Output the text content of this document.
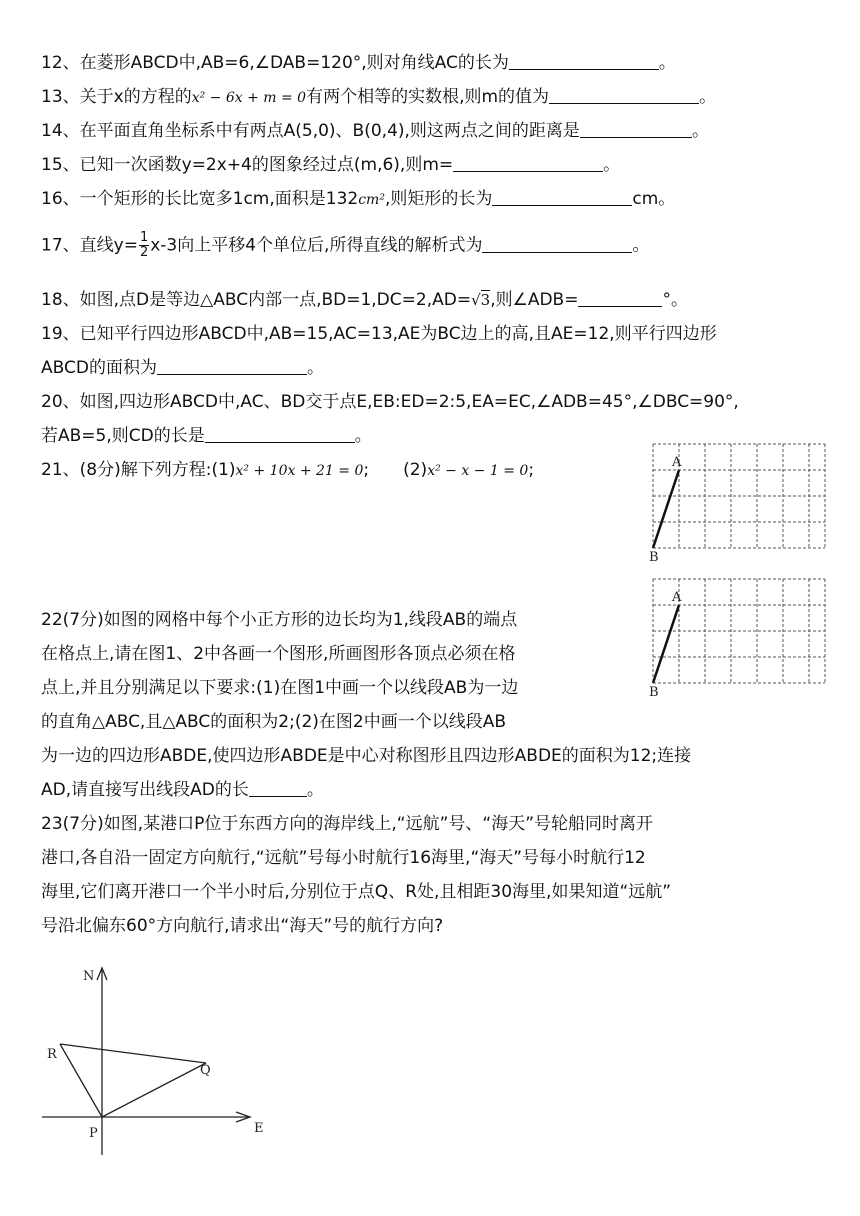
12、在菱形ABCD中,AB=6,∠DAB=120°,则对角线AC的长为	。
13、关于x的方程的x² − 6x + m = 0有两个相等的实数根,则m的值为	。
14、在平面直角坐标系中有两点A(5,0)、B(0,4),则这两点之间的距离是	。
15、已知一次函数y=2x+4的图象经过点(m,6),则m=	。
16、一个矩形的长比宽多1cm,面积是132cm²,则矩形的长为	cm。
17、直线$y= \frac{1}{2} x-3$向上平移4个单位后,所得直线的解析式为	。
18、如图,点D是等边△ABC内部一点,BD=1,DC=2,AD=√3,则∠ADB=	°。
19、已知平行四边形ABCD中,AB=15,AC=13,AE为BC边上的高,且AE=12,则平行四边形
ABCD的面积为	。
20、如图,四边形ABCD中,AC、BD交于点E,EB:ED=2:5,EA=EC,∠ADB=45°,∠DBC=90°,
若AB=5,则CD的长是	。
21、(8分)解下列方程:(1)x² + 10x + 21 = 0;　　(2)x² − x − 1 = 0;	A
B
22(7分)如图的网格中每个小正方形的边长均为1,线段AB的端点
在格点上,请在图1、2中各画一个图形,所画图形各顶点必须在格
点上,并且分别满足以下要求:(1)在图1中画一个以线段AB为一边
的直角△ABC,且△ABC的面积为2;(2)在图2中画一个以线段AB
为一边的四边形ABDE,使四边形ABDE是中心对称图形且四边形ABDE的面积为12;连接
AD,请直接写出线段AD的长	。
A
B
23(7分)如图,某港口P位于东西方向的海岸线上,“远航”号、“海天”号轮船同时离开
港口,各自沿一固定方向航行,“远航”号每小时航行16海里,“海天”号每小时航行12
海里,它们离开港口一个半小时后,分别位于点Q、R处,且相距30海里,如果知道“远航”
号沿北偏东60°方向航行,请求出“海天”号的航行方向?
N
E
P
Q
R
